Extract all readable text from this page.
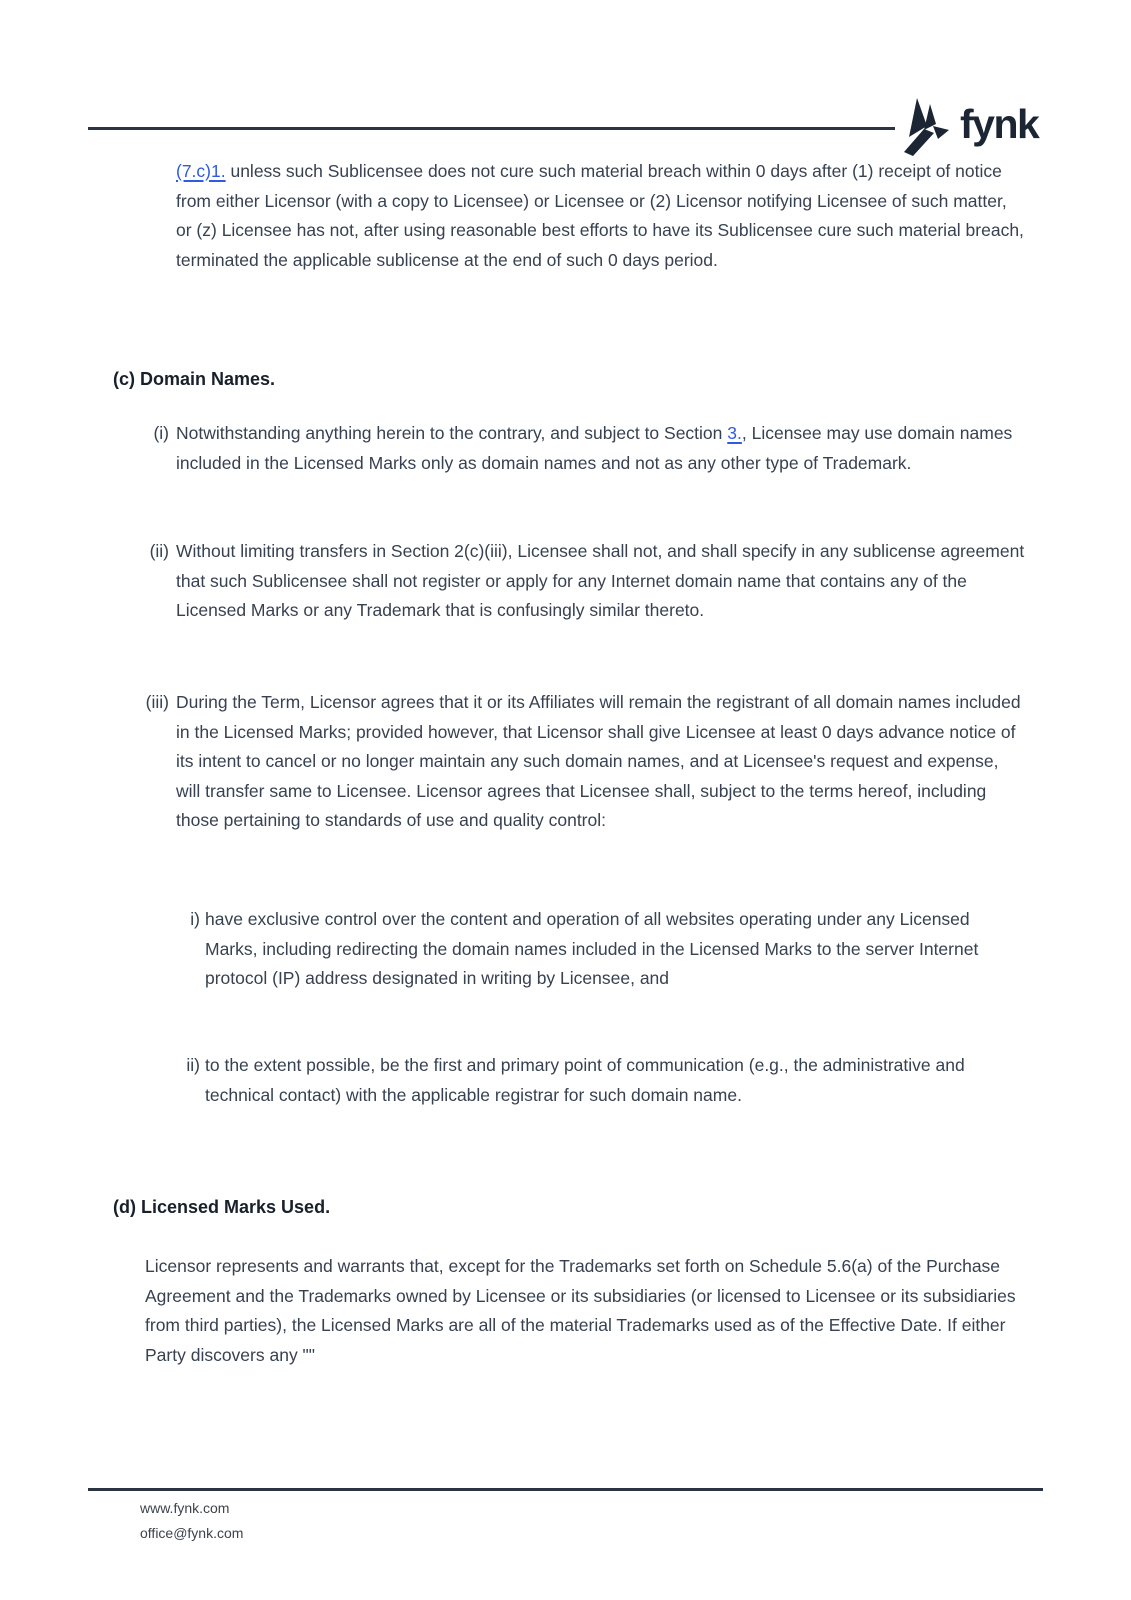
fynk

(7.c)1. unless such Sublicensee does not cure such material breach within 0 days after (1) receipt of notice from either Licensor (with a copy to Licensee) or Licensee or (2) Licensor notifying Licensee of such matter, or (z) Licensee has not, after using reasonable best efforts to have its Sublicensee cure such material breach, terminated the applicable sublicense at the end of such 0 days period.

(c) Domain Names.
(i) Notwithstanding anything herein to the contrary, and subject to Section 3., Licensee may use domain names included in the Licensed Marks only as domain names and not as any other type of Trademark.
(ii) Without limiting transfers in Section 2(c)(iii), Licensee shall not, and shall specify in any sublicense agreement that such Sublicensee shall not register or apply for any Internet domain name that contains any of the Licensed Marks or any Trademark that is confusingly similar thereto.
(iii) During the Term, Licensor agrees that it or its Affiliates will remain the registrant of all domain names included in the Licensed Marks; provided however, that Licensor shall give Licensee at least 0 days advance notice of its intent to cancel or no longer maintain any such domain names, and at Licensee's request and expense, will transfer same to Licensee. Licensor agrees that Licensee shall, subject to the terms hereof, including those pertaining to standards of use and quality control:
i) have exclusive control over the content and operation of all websites operating under any Licensed Marks, including redirecting the domain names included in the Licensed Marks to the server Internet protocol (IP) address designated in writing by Licensee, and
ii) to the extent possible, be the first and primary point of communication (e.g., the administrative and technical contact) with the applicable registrar for such domain name.
(d) Licensed Marks Used.

Licensor represents and warrants that, except for the Trademarks set forth on Schedule 5.6(a) of the Purchase Agreement and the Trademarks owned by Licensee or its subsidiaries (or licensed to Licensee or its subsidiaries from third parties), the Licensed Marks are all of the material Trademarks used as of the Effective Date. If either Party discovers any ""

www.fynk.com
office@fynk.com
